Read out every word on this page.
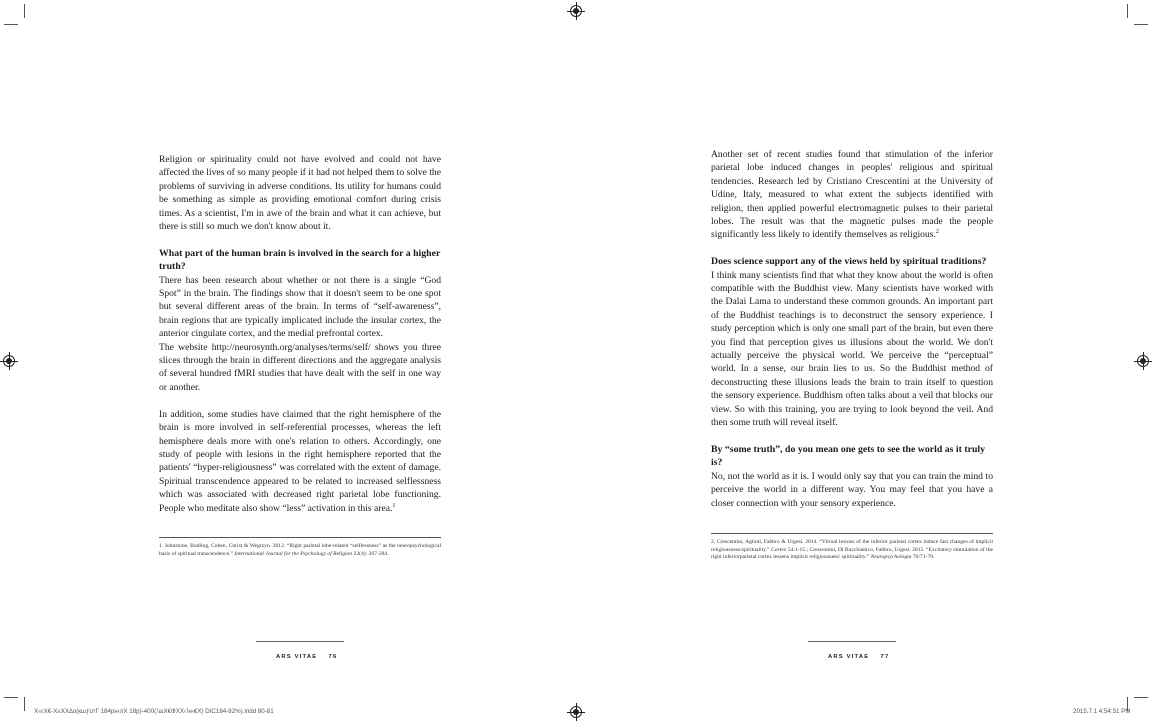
Religion or spirituality could not have evolved and could not have affected the lives of so many people if it had not helped them to solve the problems of surviving in adverse conditions. Its utility for humans could be something as simple as providing emotional comfort during crisis times. As a scientist, I'm in awe of the brain and what it can achieve, but there is still so much we don't know about it.

What part of the human brain is involved in the search for a higher truth?

There has been research about whether or not there is a single “God Spot” in the brain. The findings show that it doesn't seem to be one spot but several different areas of the brain. In terms of “self-awareness”, brain regions that are typically implicated include the insular cortex, the anterior cingulate cortex, and the medial prefrontal cortex.

The website http://neurosynth.org/analyses/terms/self/ shows you three slices through the brain in different directions and the aggregate analysis of several hundred fMRI studies that have dealt with the self in one way or another.

In addition, some studies have claimed that the right hemisphere of the brain is more involved in self-referential processes, whereas the left hemisphere deals more with one's relation to others. Accordingly, one study of people with lesions in the right hemisphere reported that the patients' “hyper-religiousness” was correlated with the extent of damage. Spiritual transcendence appeared to be related to increased selflessness which was associated with decreased right parietal lobe functioning. People who meditate also show “less” activation in this area.$^1$

1. Johnstone, Bodling, Cohen, Christ & Wegrzyn. 2012. “Right parietal lobe-related “selflessness” as the neuropsychological basis of spiritual transcendence.” International Journal for the Psychology of Religion 22(4): 267-284.
ARS VITAE 76

Another set of recent studies found that stimulation of the inferior parietal lobe induced changes in peoples' religious and spiritual tendencies. Research led by Cristiano Crescentini at the University of Udine, Italy, measured to what extent the subjects identified with religion, then applied powerful electromagnetic pulses to their parietal lobes. The result was that the magnetic pulses made the people significantly less likely to identify themselves as religious.$^2$

Does science support any of the views held by spiritual traditions?

I think many scientists find that what they know about the world is often compatible with the Buddhist view. Many scientists have worked with the Dalai Lama to understand these common grounds. An important part of the Buddhist teachings is to deconstruct the sensory experience. I study perception which is only one small part of the brain, but even there you find that perception gives us illusions about the world. We don't actually perceive the physical world. We perceive the “perceptual” world. In a sense, our brain lies to us. So the Buddhist method of deconstructing these illusions leads the brain to train itself to question the sensory experience. Buddhism often talks about a veil that blocks our view. So with this training, you are trying to look beyond the veil. And then some truth will reveal itself.

By “some truth”, do you mean one gets to see the world as it truly is?

No, not the world as it is. I would only say that you can train the mind to perceive the world in a different way. You may feel that you have a closer connection with your sensory experience.

2. Crescentini, Aglioti, Fabbro & Urgesi. 2014. “Virtual lesions of the inferior parietal cortex induce fast changes of implicit religiousness/spirituality.” Cortex 54:1-15.; Crescentini, Di Bucchianico, Fabbro, Urgesi. 2015. “Excitatory stimulation of the right inferiorparietal cortex lessens implicit religiousness/ spirituality.” Neuropsychologia 70:71-79.
ARS VITAE 77
Х‹≤Х€-Х≤ХХ∆о(кшƒотГ 184pн‹лХ 18p)-400(˥шХ€ФХХ‹˥н‹€Х) DIC184-82%).indd 80-81	2015.7.1 4:54:51 PM
